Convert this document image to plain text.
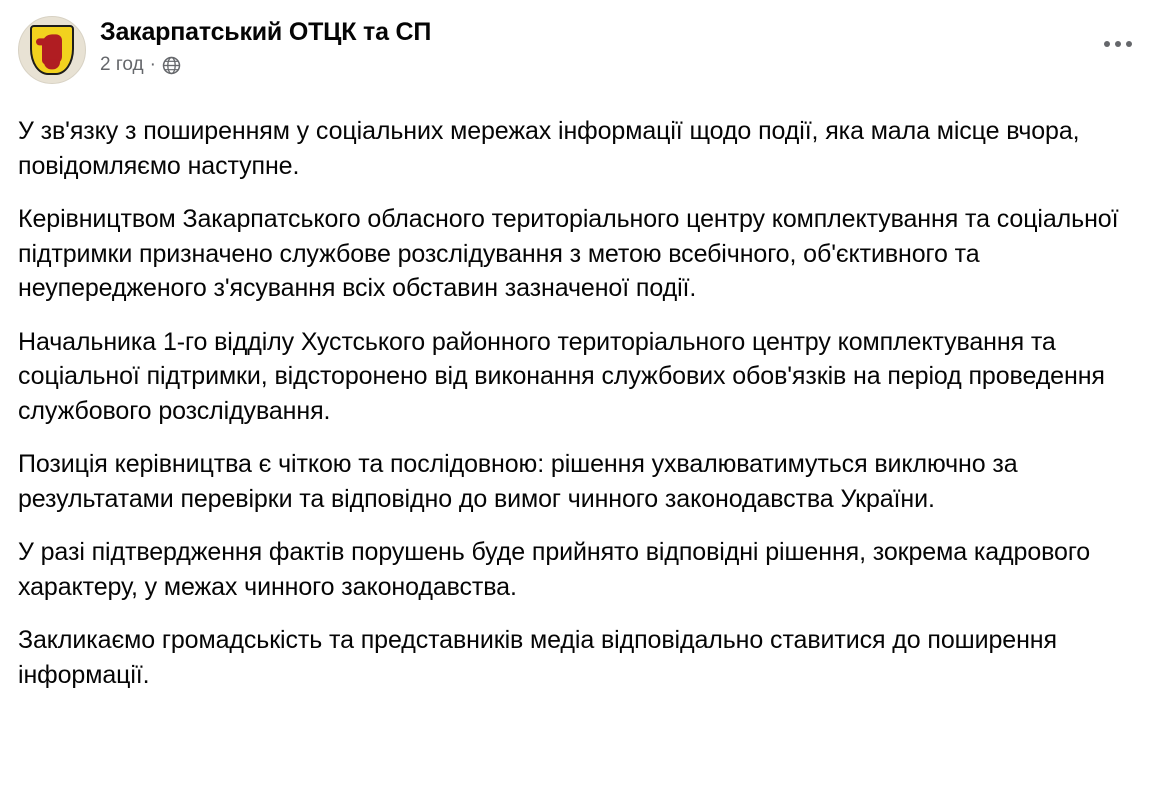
Закарпатський ОТЦК та СП
2 год ·

У зв'язку з поширенням у соціальних мережах інформації щодо події, яка мала місце вчора, повідомляємо наступне.

Керівництвом Закарпатського обласного територіального центру комплектування та соціальної підтримки призначено службове розслідування з метою всебічного, об'єктивного та неупередженого з'ясування всіх обставин зазначеної події.

Начальника 1-го відділу Хустського районного територіального центру комплектування та соціальної підтримки, відсторонено від виконання службових обов'язків на період проведення службового розслідування.

Позиція керівництва є чіткою та послідовною: рішення ухвалюватимуться виключно за результатами перевірки та відповідно до вимог чинного законодавства України.

У разі підтвердження фактів порушень буде прийнято відповідні рішення, зокрема кадрового характеру, у межах чинного законодавства.

Закликаємо громадськість та представників медіа відповідально ставитися до поширення інформації.
